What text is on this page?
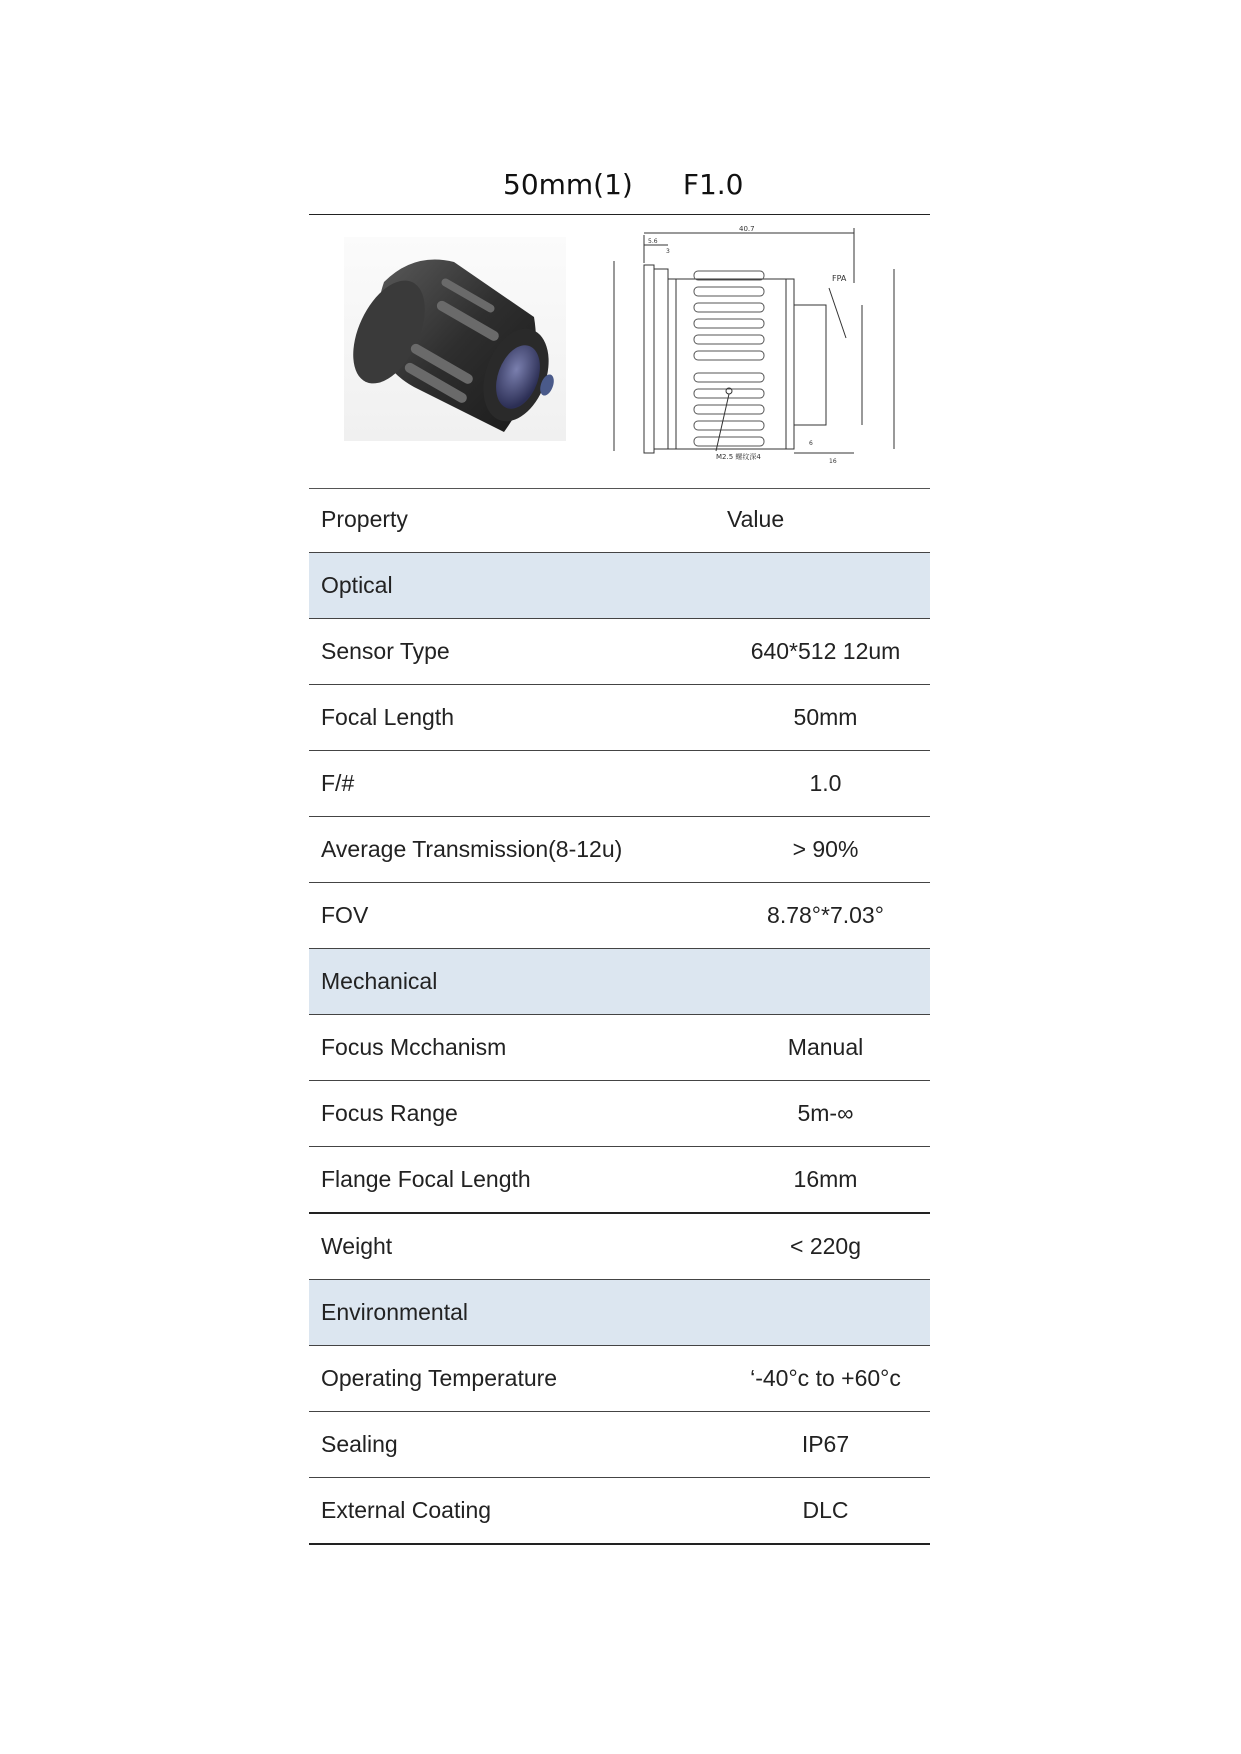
50mm(1) F1.0
40.7
5.6
3
M2.5 螺纹深4
FPA
6
16
Property	Value
Optical	
Sensor Type	640*512 12um
Focal Length	50mm
F/#	1.0
Average Transmission(8-12u)	> 90%
FOV	8.78°*7.03°
Mechanical	
Focus Mcchanism	Manual
Focus Range	5m-∞
Flange Focal Length	16mm
Weight	< 220g
Environmental	
Operating Temperature	‘-40°c to +60°c
Sealing	IP67
External Coating	DLC
